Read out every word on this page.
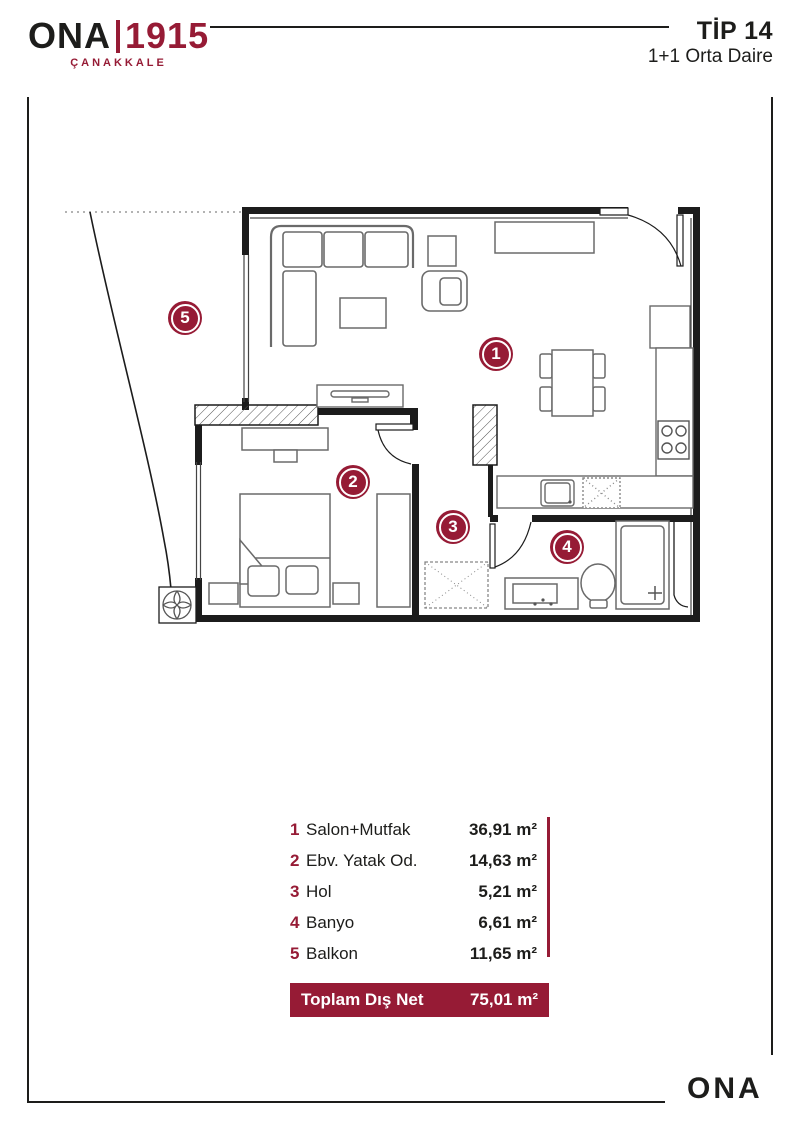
ONA 1915
ÇANAKKALE
TİP 14
1+1 Orta Daire
1
2
3
4
5
1 Salon+Mutfak	36,91 m²
2 Ebv. Yatak Od.	14,63 m²
3 Hol	5,21 m²
4 Banyo	6,61 m²
5 Balkon	11,65 m²
Toplam Dış Net	75,01 m²
ONA
